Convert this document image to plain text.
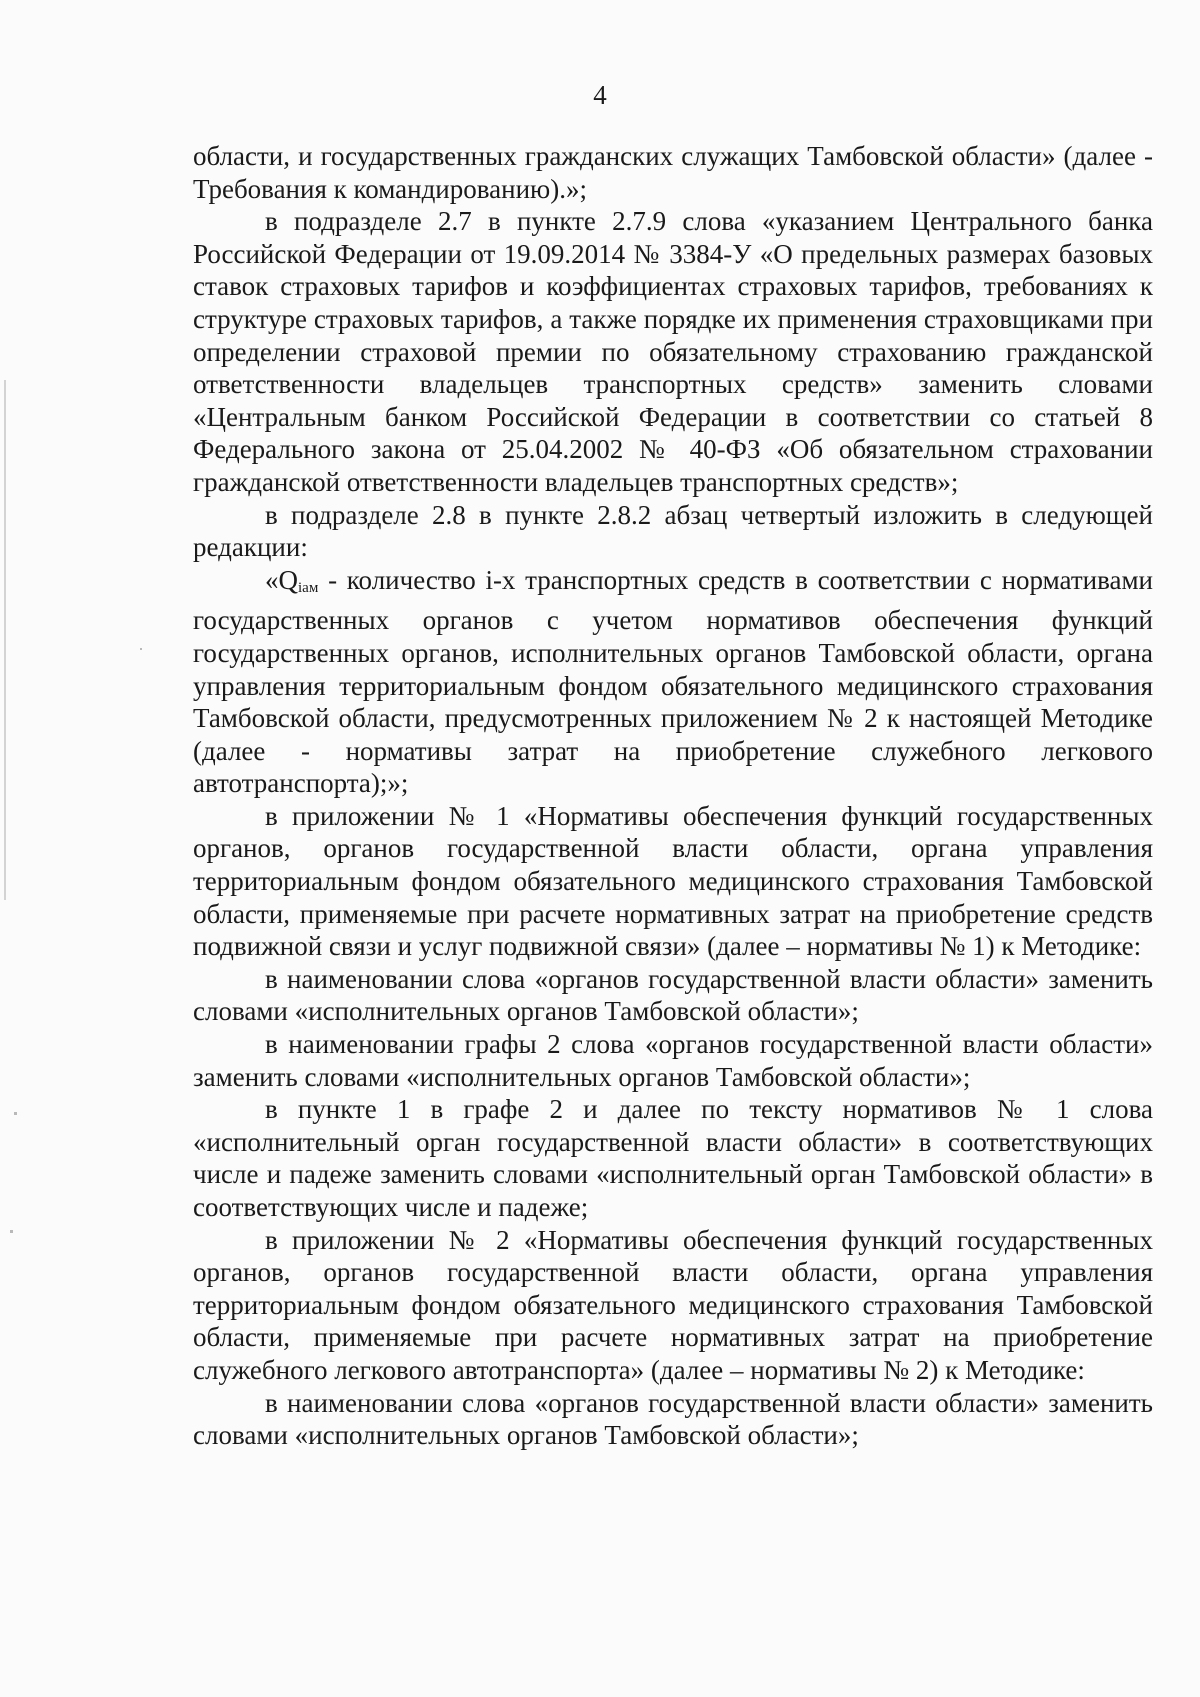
4

области, и государственных гражданских служащих Тамбовской области» (далее - Требования к командированию).»;

в подразделе 2.7 в пункте 2.7.9 слова «указанием Центрального банка Российской Федерации от 19.09.2014 № 3384-У «О предельных размерах базовых ставок страховых тарифов и коэффициентах страховых тарифов, требованиях к структуре страховых тарифов, а также порядке их применения страховщиками при определении страховой премии по обязательному страхованию гражданской ответственности владельцев транспортных средств» заменить словами «Центральным банком Российской Федерации в соответствии со статьей 8 Федерального закона от 25.04.2002 № 40-ФЗ «Об обязательном страховании гражданской ответственности владельцев транспортных средств»;

в подразделе 2.8 в пункте 2.8.2 абзац четвертый изложить в следующей редакции:

«$Q_{iам}$ - количество i-х транспортных средств в соответствии с нормативами государственных органов с учетом нормативов обеспечения функций государственных органов, исполнительных органов Тамбовской области, органа управления территориальным фондом обязательного медицинского страхования Тамбовской области, предусмотренных приложением № 2 к настоящей Методике (далее - нормативы затрат на приобретение служебного легкового автотранспорта);»;

в приложении № 1 «Нормативы обеспечения функций государственных органов, органов государственной власти области, органа управления территориальным фондом обязательного медицинского страхования Тамбовской области, применяемые при расчете нормативных затрат на приобретение средств подвижной связи и услуг подвижной связи» (далее – нормативы № 1) к Методике:

в наименовании слова «органов государственной власти области» заменить словами «исполнительных органов Тамбовской области»;

в наименовании графы 2 слова «органов государственной власти области» заменить словами «исполнительных органов Тамбовской области»;

в пункте 1 в графе 2 и далее по тексту нормативов № 1 слова «исполнительный орган государственной власти области» в соответствующих числе и падеже заменить словами «исполнительный орган Тамбовской области» в соответствующих числе и падеже;

в приложении № 2 «Нормативы обеспечения функций государственных органов, органов государственной власти области, органа управления территориальным фондом обязательного медицинского страхования Тамбовской области, применяемые при расчете нормативных затрат на приобретение служебного легкового автотранспорта» (далее – нормативы № 2) к Методике:

в наименовании слова «органов государственной власти области» заменить словами «исполнительных органов Тамбовской области»;
